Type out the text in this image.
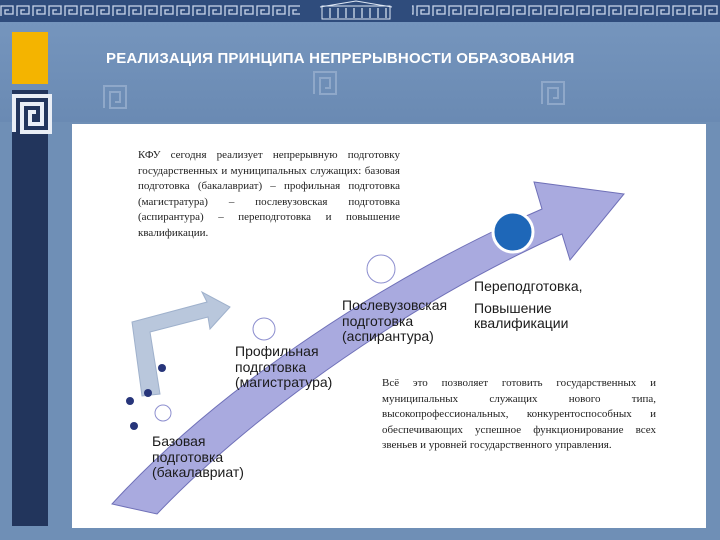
РЕАЛИЗАЦИЯ ПРИНЦИПА НЕПРЕРЫВНОСТИ ОБРАЗОВАНИЯ
КФУ сегодня реализует непрерывную подготовку государственных и муниципальных служащих: базовая подготовка (бакалавриат) – профильная подготовка (магистратура) – послевузовская подготовка (аспирантура) – переподготовка и повышение квалификации.
Базовая
подготовка
(бакалавриат)
Профильная
подготовка
(магистратура)
Послевузовская
подготовка
(аспирантура)
Переподготовка,
Повышение
квалификации
Всё это позволяет готовить государственных и муниципальных служащих нового типа, высокопрофессиональных, конкурентоспособных и обеспечивающих успешное функционирование всех звеньев и уровней государственного управления.
